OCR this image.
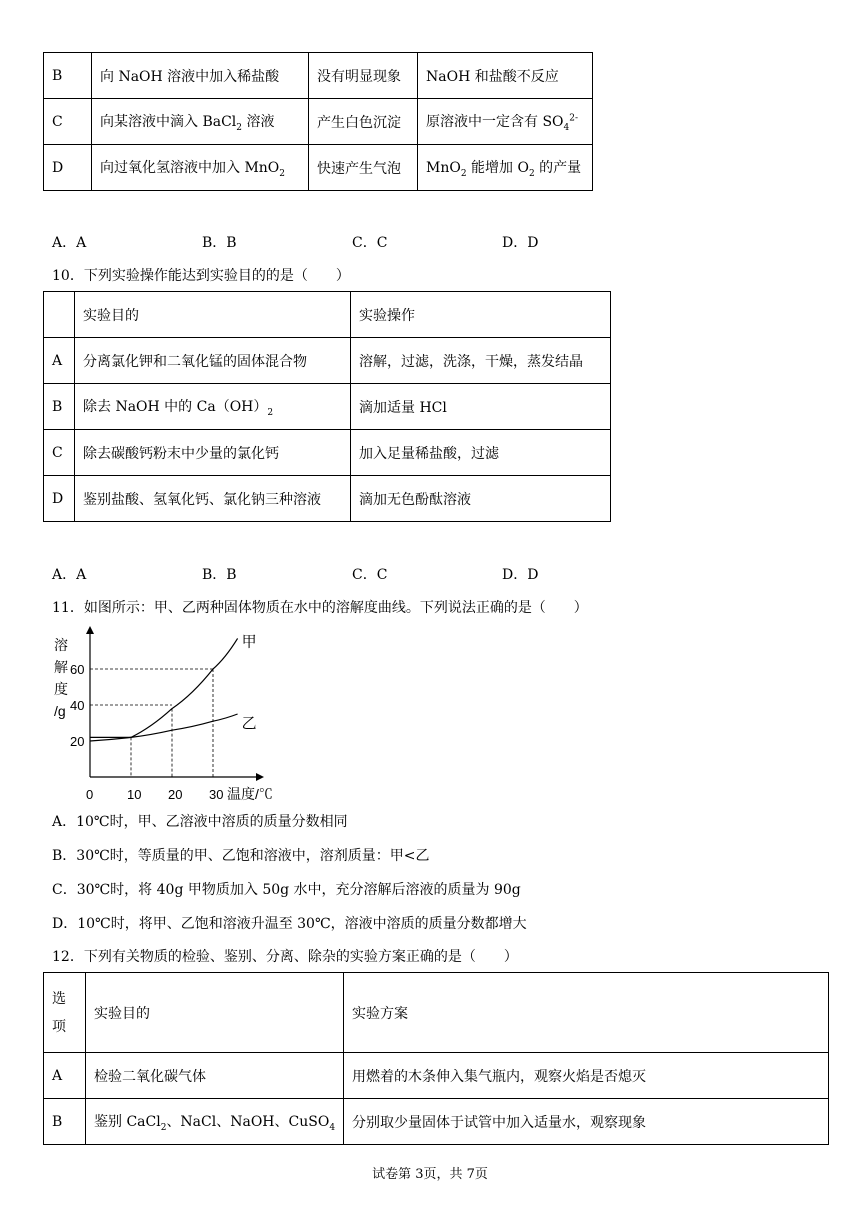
B	向 NaOH 溶液中加入稀盐酸	没有明显现象	NaOH 和盐酸不反应
C	向某溶液中滴入 BaCl$_2$ 溶液	产生白色沉淀	原溶液中一定含有 $SO_4^{2-}$
D	向过氧化氢溶液中加入 MnO$_2$	快速产生气泡	MnO$_2$ 能增加 $O_2$ 的产量
A．A	B．B	C．C	D．D
10．下列实验操作能达到实验目的的是（　　）
	实验目的	实验操作
A	分离氯化钾和二氧化锰的固体混合物	溶解，过滤，洗涤，干燥，蒸发结晶
B	除去 NaOH 中的 $Ca(OH)_2$	滴加适量 HCl
C	除去碳酸钙粉末中少量的氯化钙	加入足量稀盐酸，过滤
D	鉴别盐酸、氢氧化钙、氯化钠三种溶液	滴加无色酚酞溶液
A．A	B．B	C．C	D．D
11．如图所示：甲、乙两种固体物质在水中的溶解度曲线。下列说法正确的是（　　）
溶
解
度
/g
20
40
60
0	10 20 30 温度/℃
甲
乙
A．10℃时，甲、乙溶液中溶质的质量分数相同
B．30℃时，等质量的甲、乙饱和溶液中，溶剂质量：甲<乙
C．30℃时，将 40g 甲物质加入 50g 水中，充分溶解后溶液的质量为 90g
D．10℃时，将甲、乙饱和溶液升温至 30℃，溶液中溶质的质量分数都增大
12．下列有关物质的检验、鉴别、分离、除杂的实验方案正确的是（　　）
选
项	实验目的	实验方案
A	检验二氧化碳气体	用燃着的木条伸入集气瓶内，观察火焰是否熄灭
B	鉴别 CaCl$_2$、NaCl、NaOH、CuSO$_4$	分别取少量固体于试管中加入适量水，观察现象
试卷第 3页，共 7页
